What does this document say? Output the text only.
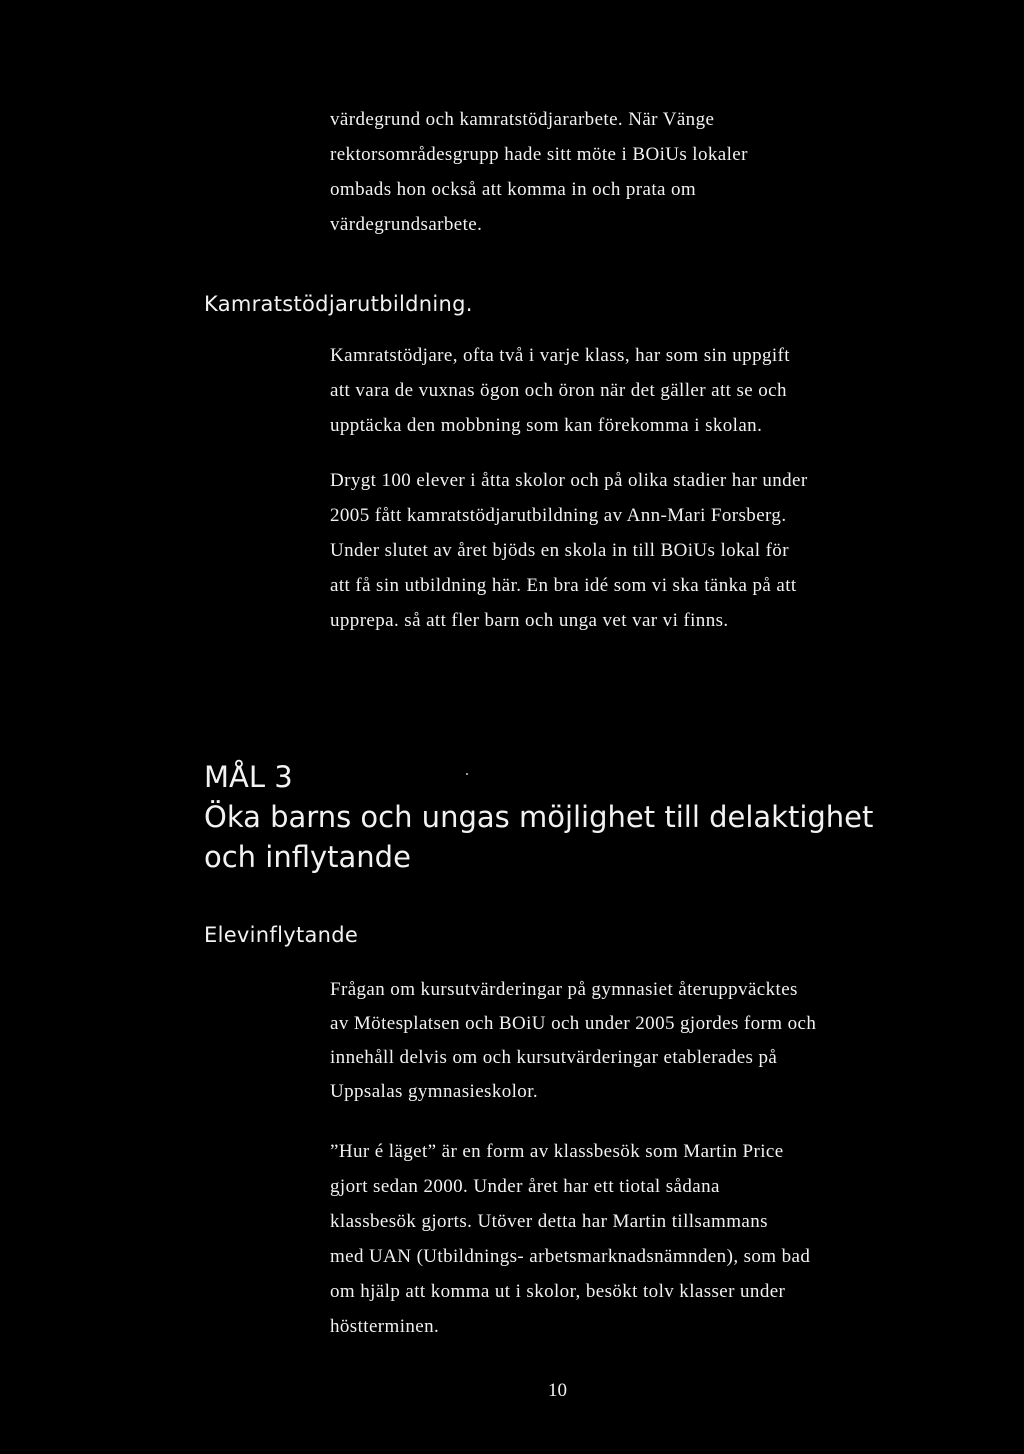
värdegrund och kamratstödjararbete. När Vänge
rektorsområdesgrupp hade sitt möte i BOiUs lokaler
ombads hon också att komma in och prata om
värdegrundsarbete.

Kamratstödjarutbildning.

Kamratstödjare, ofta två i varje klass, har som sin uppgift
att vara de vuxnas ögon och öron när det gäller att se och
upptäcka den mobbning som kan förekomma i skolan.

Drygt 100 elever i åtta skolor och på olika stadier har under
2005 fått kamratstödjarutbildning av Ann-Mari Forsberg.
Under slutet av året bjöds en skola in till BOiUs lokal för
att få sin utbildning här. En bra idé som vi ska tänka på att
upprepa. så att fler barn och unga vet var vi finns.

MÅL 3
Öka barns och ungas möjlighet till delaktighet
och inflytande
Elevinflytande

Frågan om kursutvärderingar på gymnasiet återuppväcktes
av Mötesplatsen och BOiU och under 2005 gjordes form och
innehåll delvis om och kursutvärderingar etablerades på
Uppsalas gymnasieskolor.

”Hur é läget” är en form av klassbesök som Martin Price
gjort sedan 2000. Under året har ett tiotal sådana
klassbesök gjorts. Utöver detta har Martin tillsammans
med UAN (Utbildnings- arbetsmarknadsnämnden), som bad
om hjälp att komma ut i skolor, besökt tolv klasser under
höstterminen.

10
